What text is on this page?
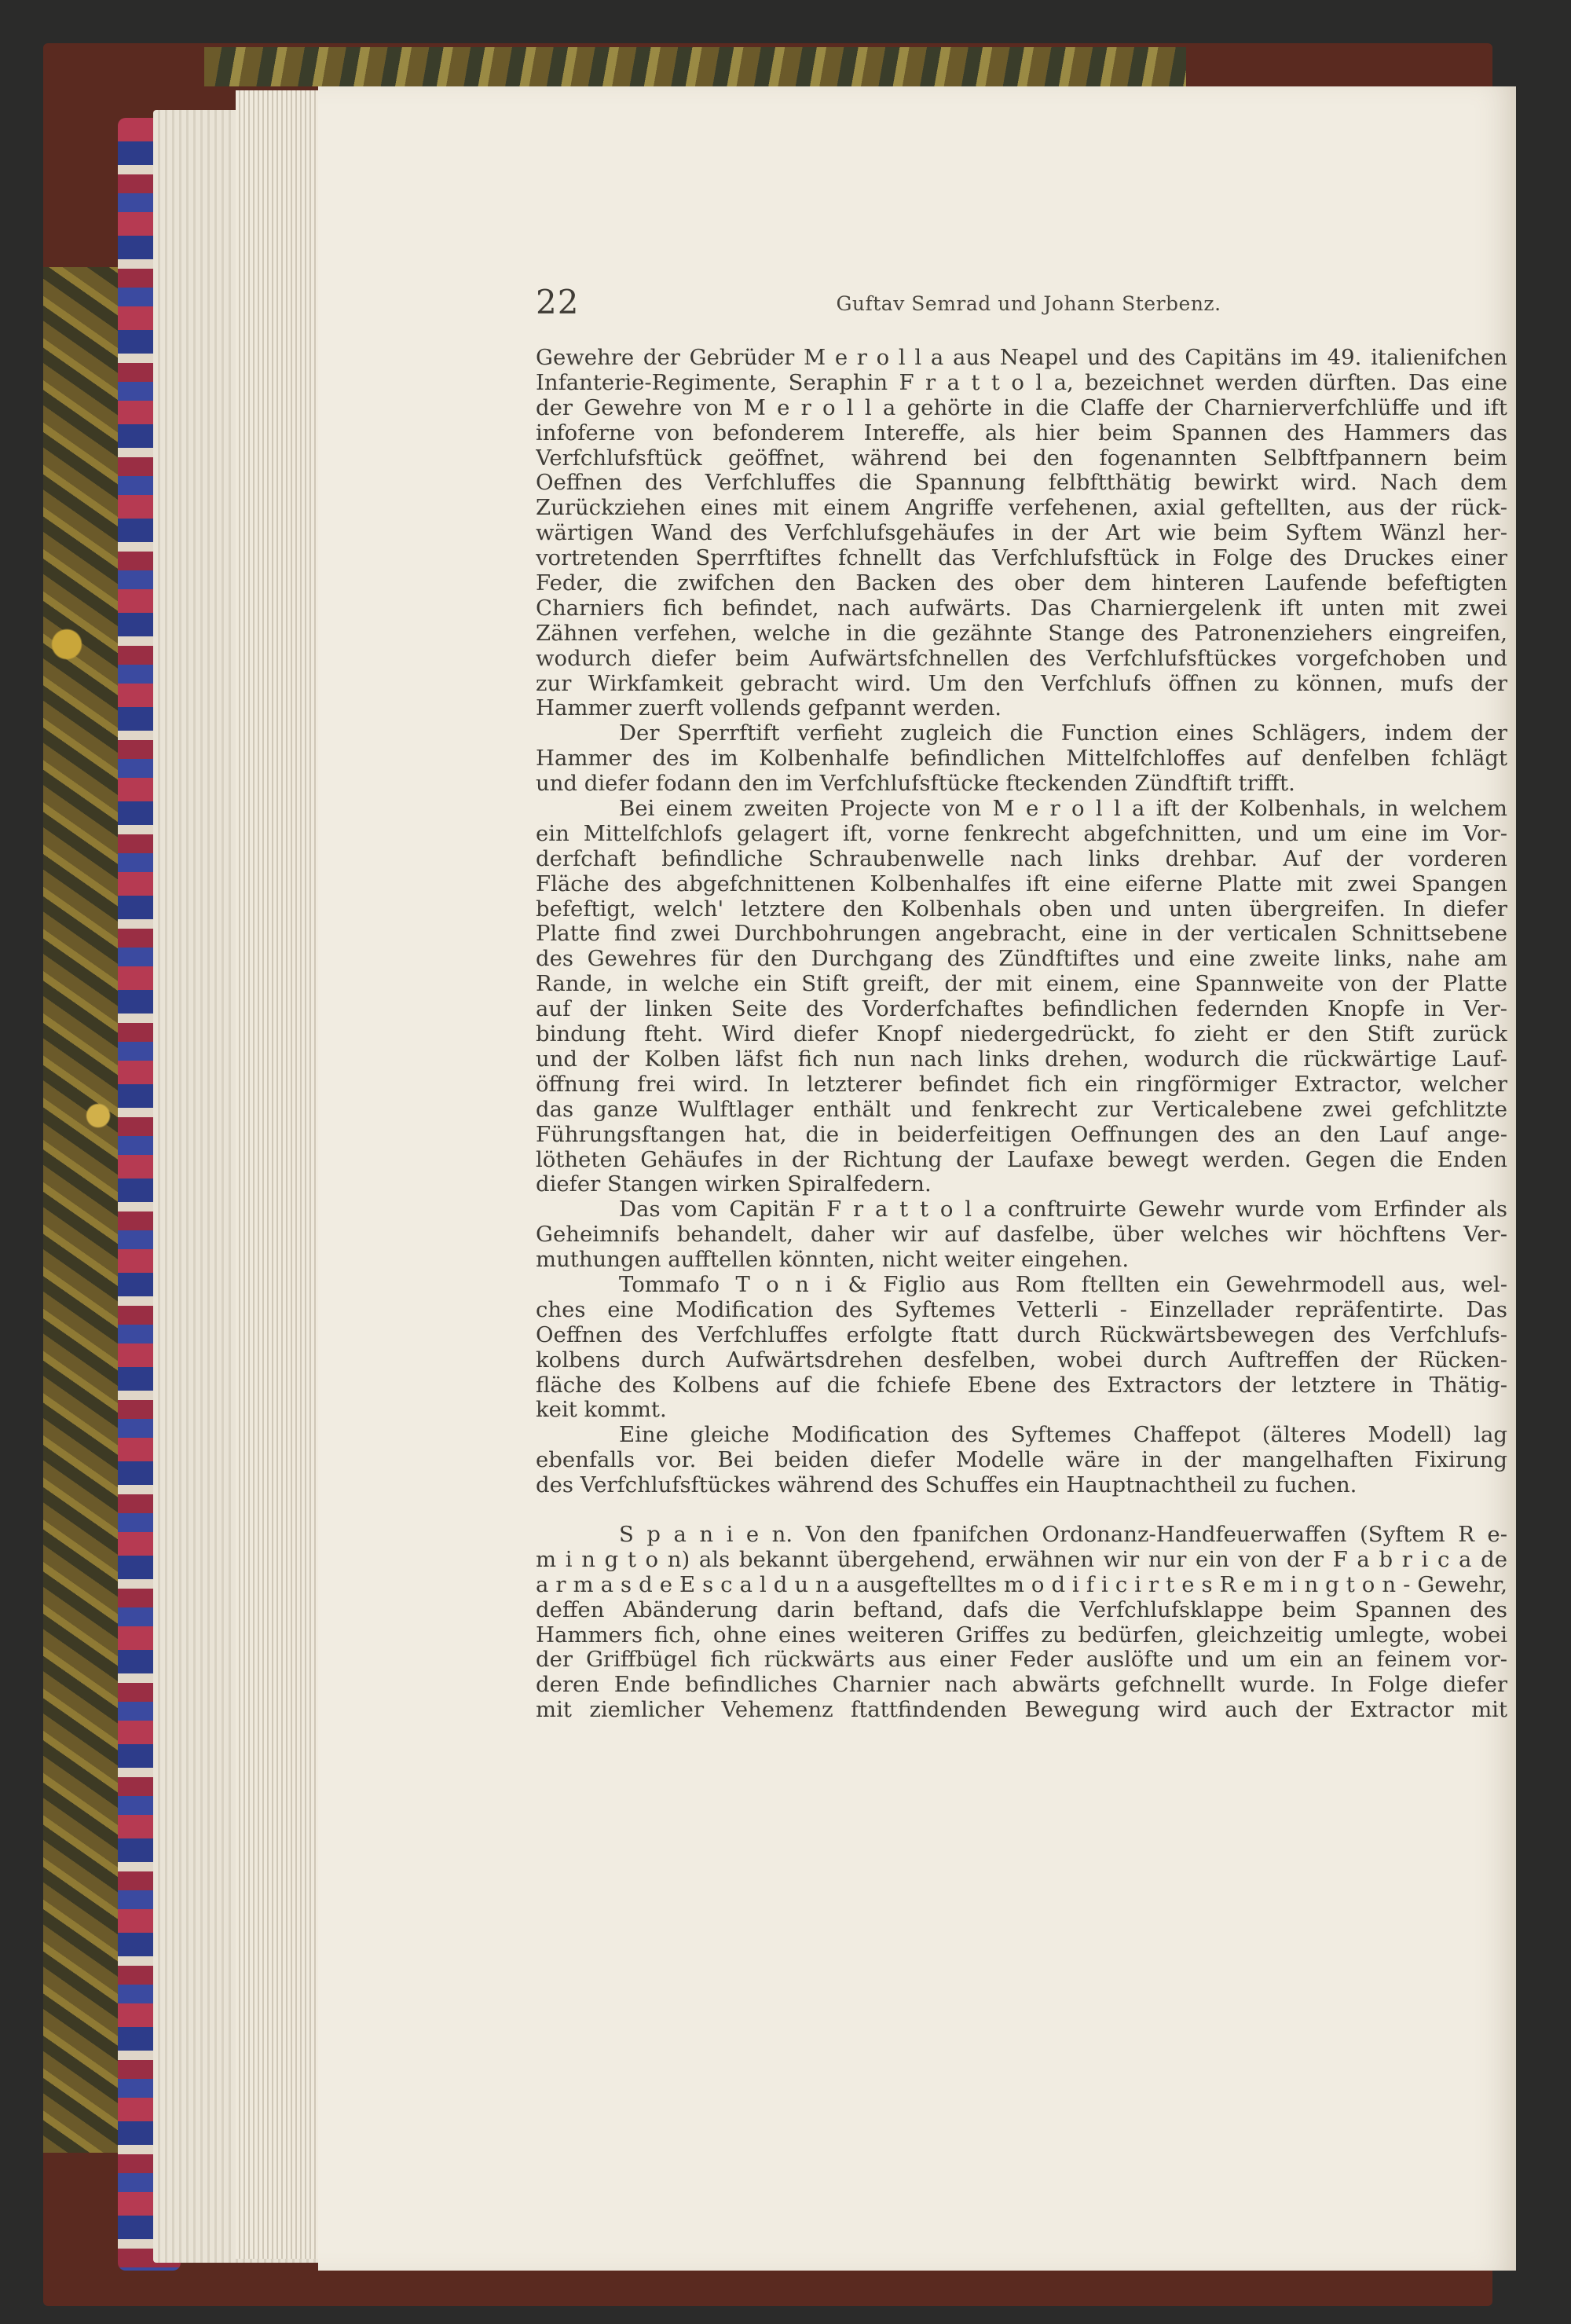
22	Guftav Semrad und Johann Sterbenz.
Gewehre der Gebrüder M e r o l l a aus Neapel und des Capitäns im 49. italienifchen
Infanterie-Regimente, Seraphin F r a t t o l a, bezeichnet werden dürften. Das eine
der Gewehre von M e r o l l a gehörte in die Claffe der Charnierverfchlüffe und ift
infoferne von befonderem Intereffe, als hier beim Spannen des Hammers das
Verfchlufsftück geöffnet, während bei den fogenannten Selbftfpannern beim
Oeffnen des Verfchluffes die Spannung felbftthätig bewirkt wird. Nach dem
Zurückziehen eines mit einem Angriffe verfehenen, axial geftellten, aus der rück-
wärtigen Wand des Verfchlufsgehäufes in der Art wie beim Syftem Wänzl her-
vortretenden Sperrftiftes fchnellt das Verfchlufsftück in Folge des Druckes einer
Feder, die zwifchen den Backen des ober dem hinteren Laufende befeftigten
Charniers fich befindet, nach aufwärts. Das Charniergelenk ift unten mit zwei
Zähnen verfehen, welche in die gezähnte Stange des Patronenziehers eingreifen,
wodurch diefer beim Aufwärtsfchnellen des Verfchlufsftückes vorgefchoben und
zur Wirkfamkeit gebracht wird. Um den Verfchlufs öffnen zu können, mufs der
Hammer zuerft vollends gefpannt werden.
Der Sperrftift verfieht zugleich die Function eines Schlägers, indem der
Hammer des im Kolbenhalfe befindlichen Mittelfchloffes auf denfelben fchlägt
und diefer fodann den im Verfchlufsftücke fteckenden Zündftift trifft.
Bei einem zweiten Projecte von M e r o l l a ift der Kolbenhals, in welchem
ein Mittelfchlofs gelagert ift, vorne fenkrecht abgefchnitten, und um eine im Vor-
derfchaft befindliche Schraubenwelle nach links drehbar. Auf der vorderen
Fläche des abgefchnittenen Kolbenhalfes ift eine eiferne Platte mit zwei Spangen
befeftigt, welch' letztere den Kolbenhals oben und unten übergreifen. In diefer
Platte find zwei Durchbohrungen angebracht, eine in der verticalen Schnittsebene
des Gewehres für den Durchgang des Zündftiftes und eine zweite links, nahe am
Rande, in welche ein Stift greift, der mit einem, eine Spannweite von der Platte
auf der linken Seite des Vorderfchaftes befindlichen federnden Knopfe in Ver-
bindung fteht. Wird diefer Knopf niedergedrückt, fo zieht er den Stift zurück
und der Kolben läfst fich nun nach links drehen, wodurch die rückwärtige Lauf-
öffnung frei wird. In letzterer befindet fich ein ringförmiger Extractor, welcher
das ganze Wulftlager enthält und fenkrecht zur Verticalebene zwei gefchlitzte
Führungsftangen hat, die in beiderfeitigen Oeffnungen des an den Lauf ange-
lötheten Gehäufes in der Richtung der Laufaxe bewegt werden. Gegen die Enden
diefer Stangen wirken Spiralfedern.
Das vom Capitän F r a t t o l a conftruirte Gewehr wurde vom Erfinder als
Geheimnifs behandelt, daher wir auf dasfelbe, über welches wir höchftens Ver-
muthungen aufftellen könnten, nicht weiter eingehen.
Tommafo T o n i & Figlio aus Rom ftellten ein Gewehrmodell aus, wel-
ches eine Modification des Syftemes Vetterli - Einzellader repräfentirte. Das
Oeffnen des Verfchluffes erfolgte ftatt durch Rückwärtsbewegen des Verfchlufs-
kolbens durch Aufwärtsdrehen desfelben, wobei durch Auftreffen der Rücken-
fläche des Kolbens auf die fchiefe Ebene des Extractors der letztere in Thätig-
keit kommt.
Eine gleiche Modification des Syftemes Chaffepot (älteres Modell) lag
ebenfalls vor. Bei beiden diefer Modelle wäre in der mangelhaften Fixirung
des Verfchlufsftückes während des Schuffes ein Hauptnachtheil zu fuchen.
S p a n i e n. Von den fpanifchen Ordonanz-Handfeuerwaffen (Syftem R e-
m i n g t o n) als bekannt übergehend, erwähnen wir nur ein von der F a b r i c a de
a r m a s d e E s c a l d u n a ausgeftelltes m o d i f i c i r t e s R e m i n g t o n - Gewehr,
deffen Abänderung darin beftand, dafs die Verfchlufsklappe beim Spannen des
Hammers fich, ohne eines weiteren Griffes zu bedürfen, gleichzeitig umlegte, wobei
der Griffbügel fich rückwärts aus einer Feder auslöfte und um ein an feinem vor-
deren Ende befindliches Charnier nach abwärts gefchnellt wurde. In Folge diefer
mit ziemlicher Vehemenz ftattfindenden Bewegung wird auch der Extractor mit
